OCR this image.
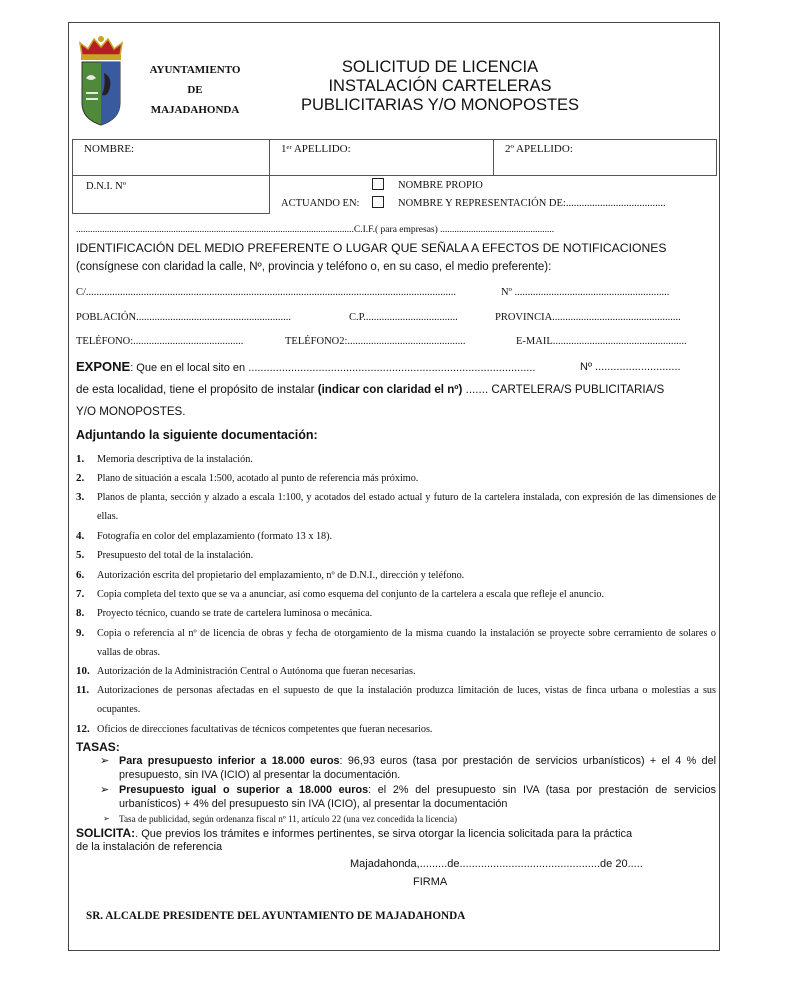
AYUNTAMIENTO
DE
MAJADAHONDA
SOLICITUD DE LICENCIA
INSTALACIÓN CARTELERAS
PUBLICITARIAS Y/O MONOPOSTES
NOMBRE:	1ᵉʳ APELLIDO:	2º APELLIDO:
D.N.I. Nº	NOMBRE PROPIO
ACTUANDO EN:	NOMBRE Y REPRESENTACIÓN DE:......................................
.....................................................................................................................C.I.F.( para empresas) ................................................
IDENTIFICACIÓN DEL MEDIO PREFERENTE O LUGAR QUE SEÑALA A EFECTOS DE NOTIFICACIONES
(consígnese con claridad la calle, Nº, provincia y teléfono o, en su caso, el medio preferente):
C/.............................................................................................................................................	Nº ...........................................................
POBLACIÓN...........................................................	C.P....................................	PROVINCIA.................................................
TELÉFONO:..........................................	TELÉFONO2:.............................................	E-MAIL...................................................
EXPONE: Que en el local sito en ..............................................................................................	Nº ............................
de esta localidad, tiene el propósito de instalar (indicar con claridad el nº) ....... CARTELERA/S PUBLICITARIA/S
Y/O MONOPOSTES.
Adjuntando la siguiente documentación:
1. Memoria descriptiva de la instalación.
2. Plano de situación a escala 1:500, acotado al punto de referencia más próximo.
3. Planos de planta, sección y alzado a escala 1:100, y acotados del estado actual y futuro de la cartelera instalada, con expresión de las dimensiones de ellas.
4. Fotografía en color del emplazamiento (formato 13 x 18).
5. Presupuesto del total de la instalación.
6. Autorización escrita del propietario del emplazamiento, nº de D.N.I., dirección y teléfono.
7. Copia completa del texto que se va a anunciar, así como esquema del conjunto de la cartelera a escala que refleje el anuncio.
8. Proyecto técnico, cuando se trate de cartelera luminosa o mecánica.
9. Copia o referencia al nº de licencia de obras y fecha de otorgamiento de la misma cuando la instalación se proyecte sobre cerramiento de solares o vallas de obras.
10. Autorización de la Administración Central o Autónoma que fueran necesarias.
11. Autorizaciones de personas afectadas en el supuesto de que la instalación produzca limitación de luces, vistas de finca urbana o molestias a sus ocupantes.
12. Oficios de direcciones facultativas de técnicos competentes que fueran necesarios.
TASAS:
➢ Para presupuesto inferior a 18.000 euros: 96,93 euros (tasa por prestación de servicios urbanísticos) + el 4 % del presupuesto, sin IVA (ICIO) al presentar la documentación.
➢ Presupuesto igual o superior a 18.000 euros: el 2% del presupuesto sin IVA (tasa por prestación de servicios urbanísticos) + 4% del presupuesto sin IVA (ICIO), al presentar la documentación
➢ Tasa de publicidad, según ordenanza fiscal nº 11, artículo 22 (una vez concedida la licencia)
SOLICITA:. Que previos los trámites e informes pertinentes, se sirva otorgar la licencia solicitada para la práctica
de la instalación de referencia
Majadahonda,.........de..............................................de 20.....
FIRMA
SR. ALCALDE PRESIDENTE DEL AYUNTAMIENTO DE MAJADAHONDA
